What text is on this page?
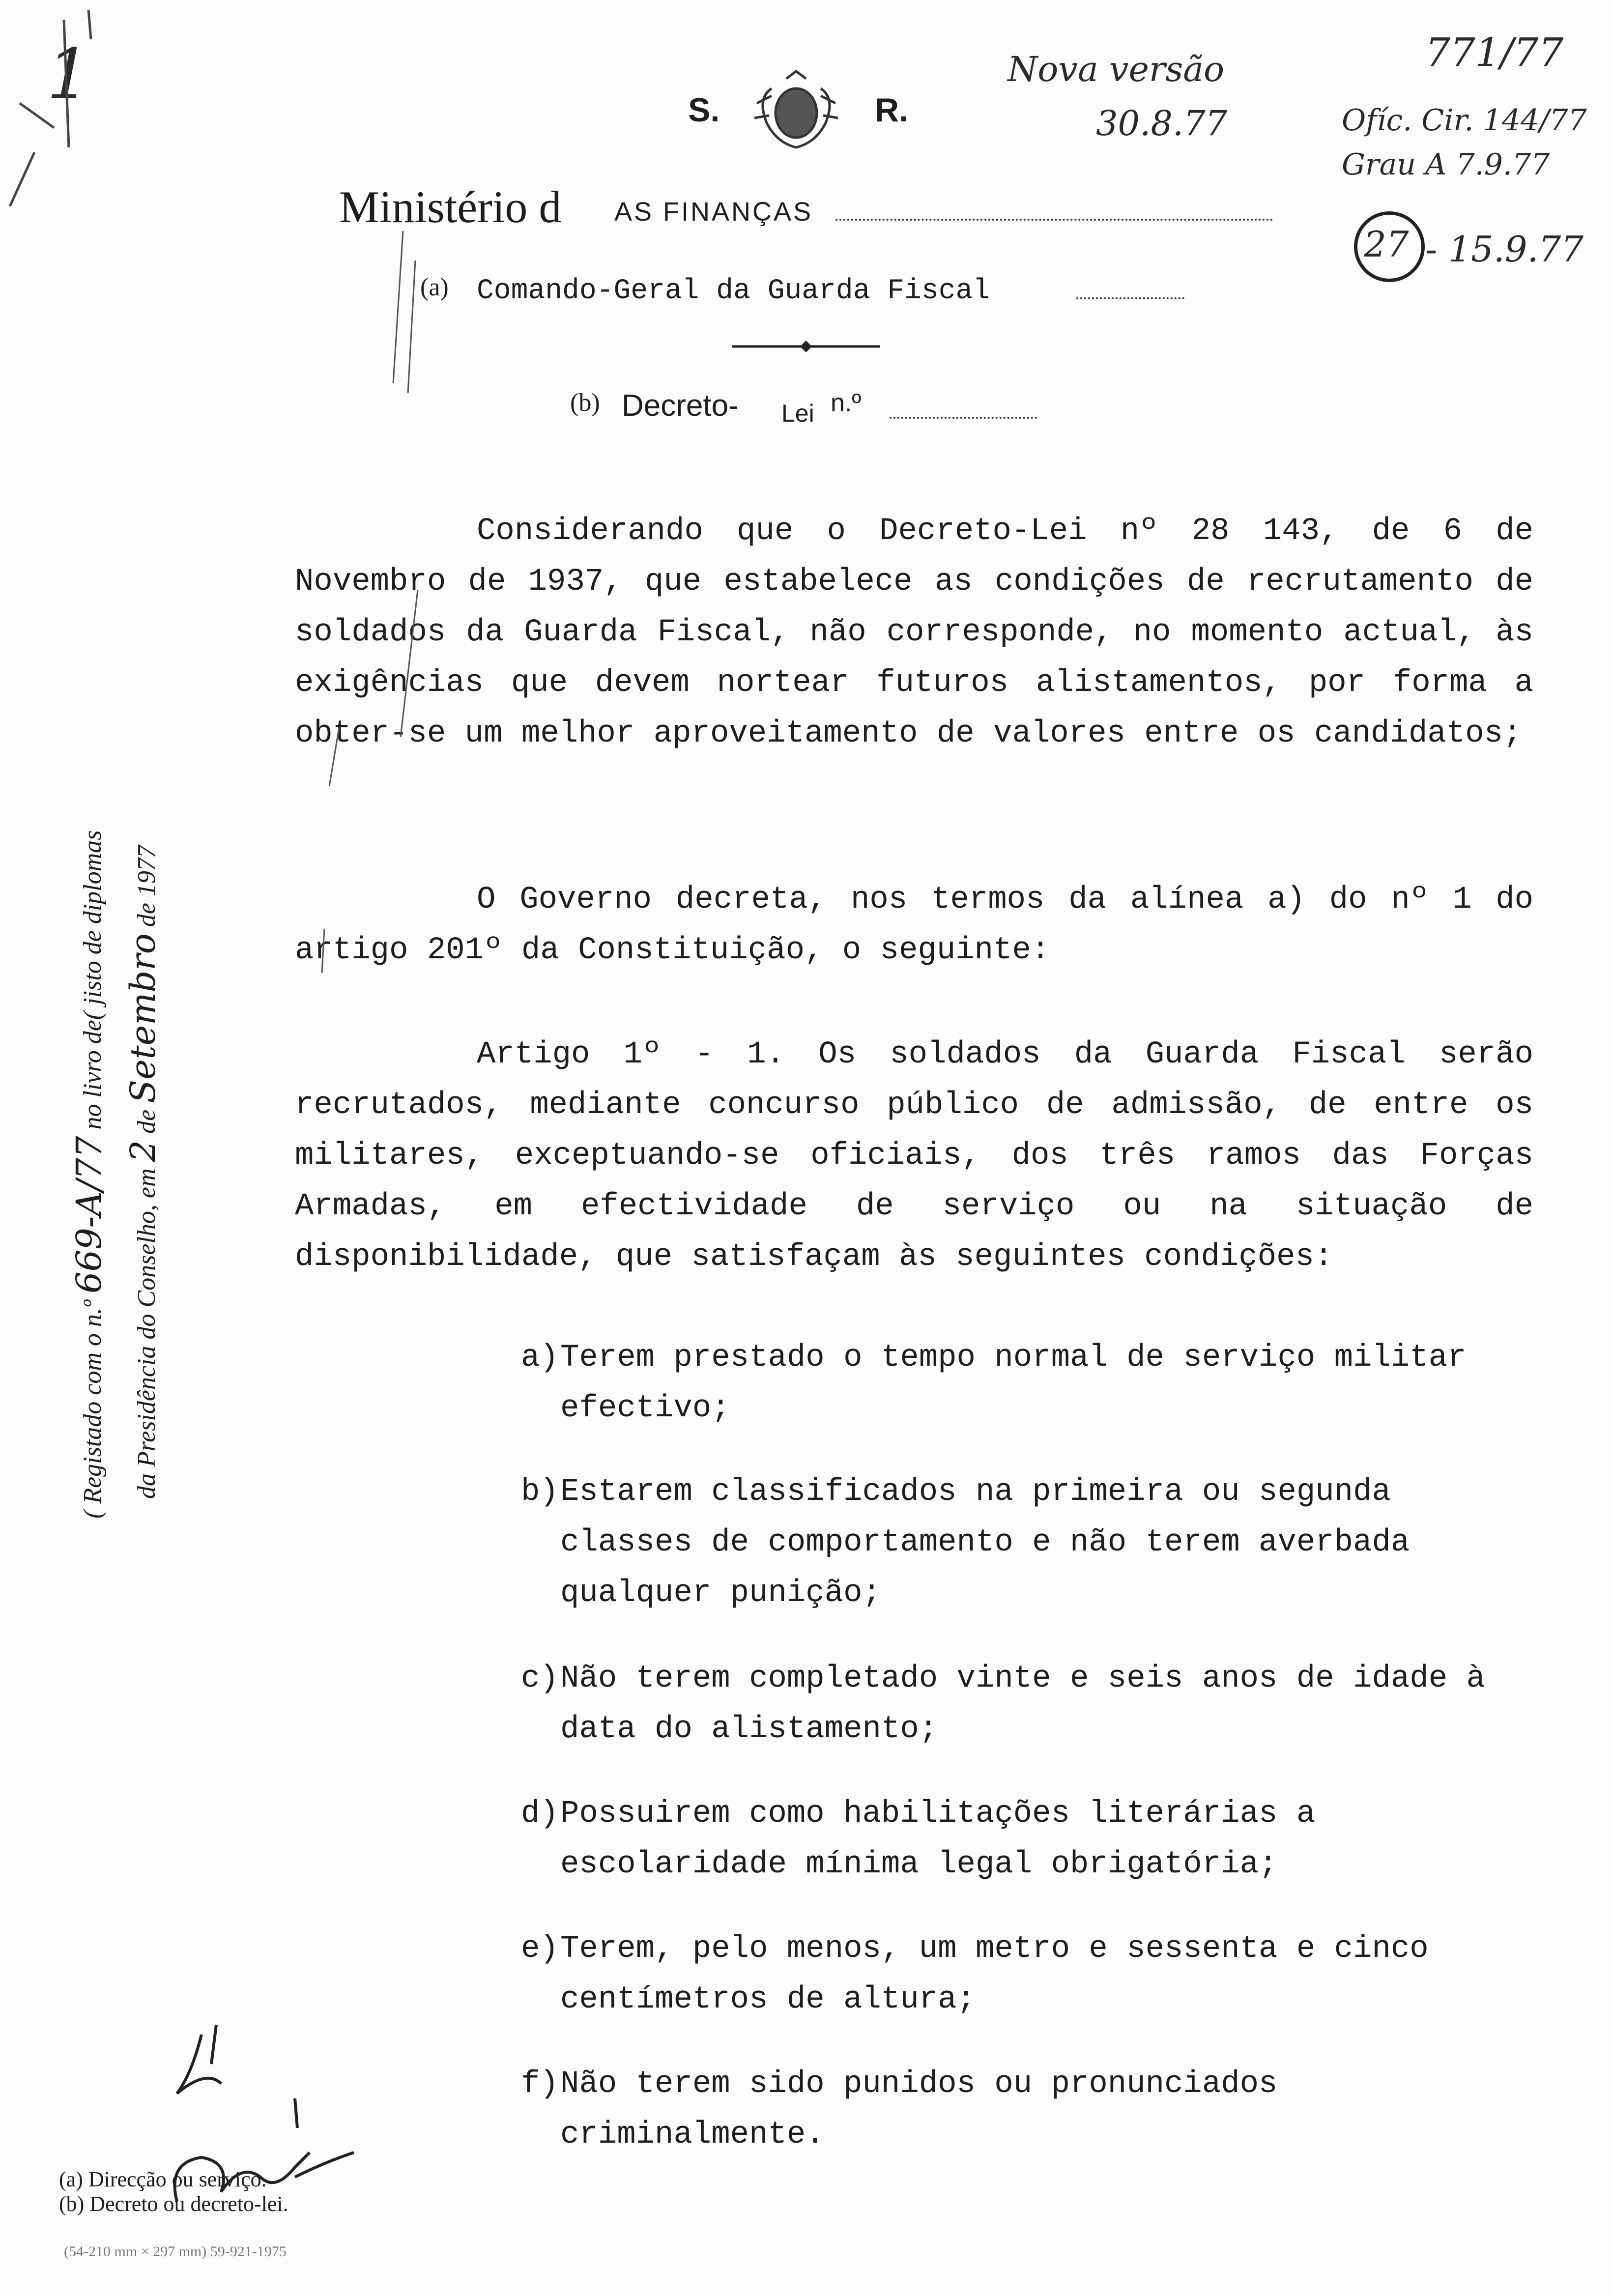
1	S.	R.
Nova versão
30.8.77
771/77
Ofíc. Cir. 144/77
Grau A 7.9.77
27 - 15.9.77
Ministério d AS FINANÇAS
(a) Comando-Geral da Guarda Fiscal
(b) Decreto- Lei n.º
Considerando que o Decreto-Lei nº 28 143, de 6 de Novembro de 1937, que estabelece as condições de recrutamento de soldados da Guarda Fiscal, não corresponde, no momento actual, às exigências que devem nortear futuros alistamentos, por forma a obter-se um melhor aproveitamento de valores entre os candidatos;
O Governo decreta, nos termos da alínea a) do nº 1 do artigo 201º da Constituição, o seguinte:
Artigo 1º - 1. Os soldados da Guarda Fiscal serão recrutados, mediante concurso público de admissão, de entre os militares, exceptuando-se oficiais, dos três ramos das Forças Armadas, em efectividade de serviço ou na situação de disponibilidade, que satisfaçam às seguintes condições:
a) Terem prestado o tempo normal de serviço militar efectivo;
b) Estarem classificados na primeira ou segunda classes de comportamento e não terem averbada qualquer punição;
c) Não terem completado vinte e seis anos de idade à data do alistamento;
d) Possuirem como habilitações literárias a escolaridade mínima legal obrigatória;
e) Terem, pelo menos, um metro e sessenta e cinco centímetros de altura;
f) Não terem sido punidos ou pronunciados criminalmente.
( Registado com o n.º 669-A/77 no livro de( jisto de diplomas
da Presidência do Conselho, em 2 de Setembro de 1977
(a) Direcção ou serviço.
(b) Decreto ou decreto-lei.
(54-210 mm × 297 mm) 59-921-1975
